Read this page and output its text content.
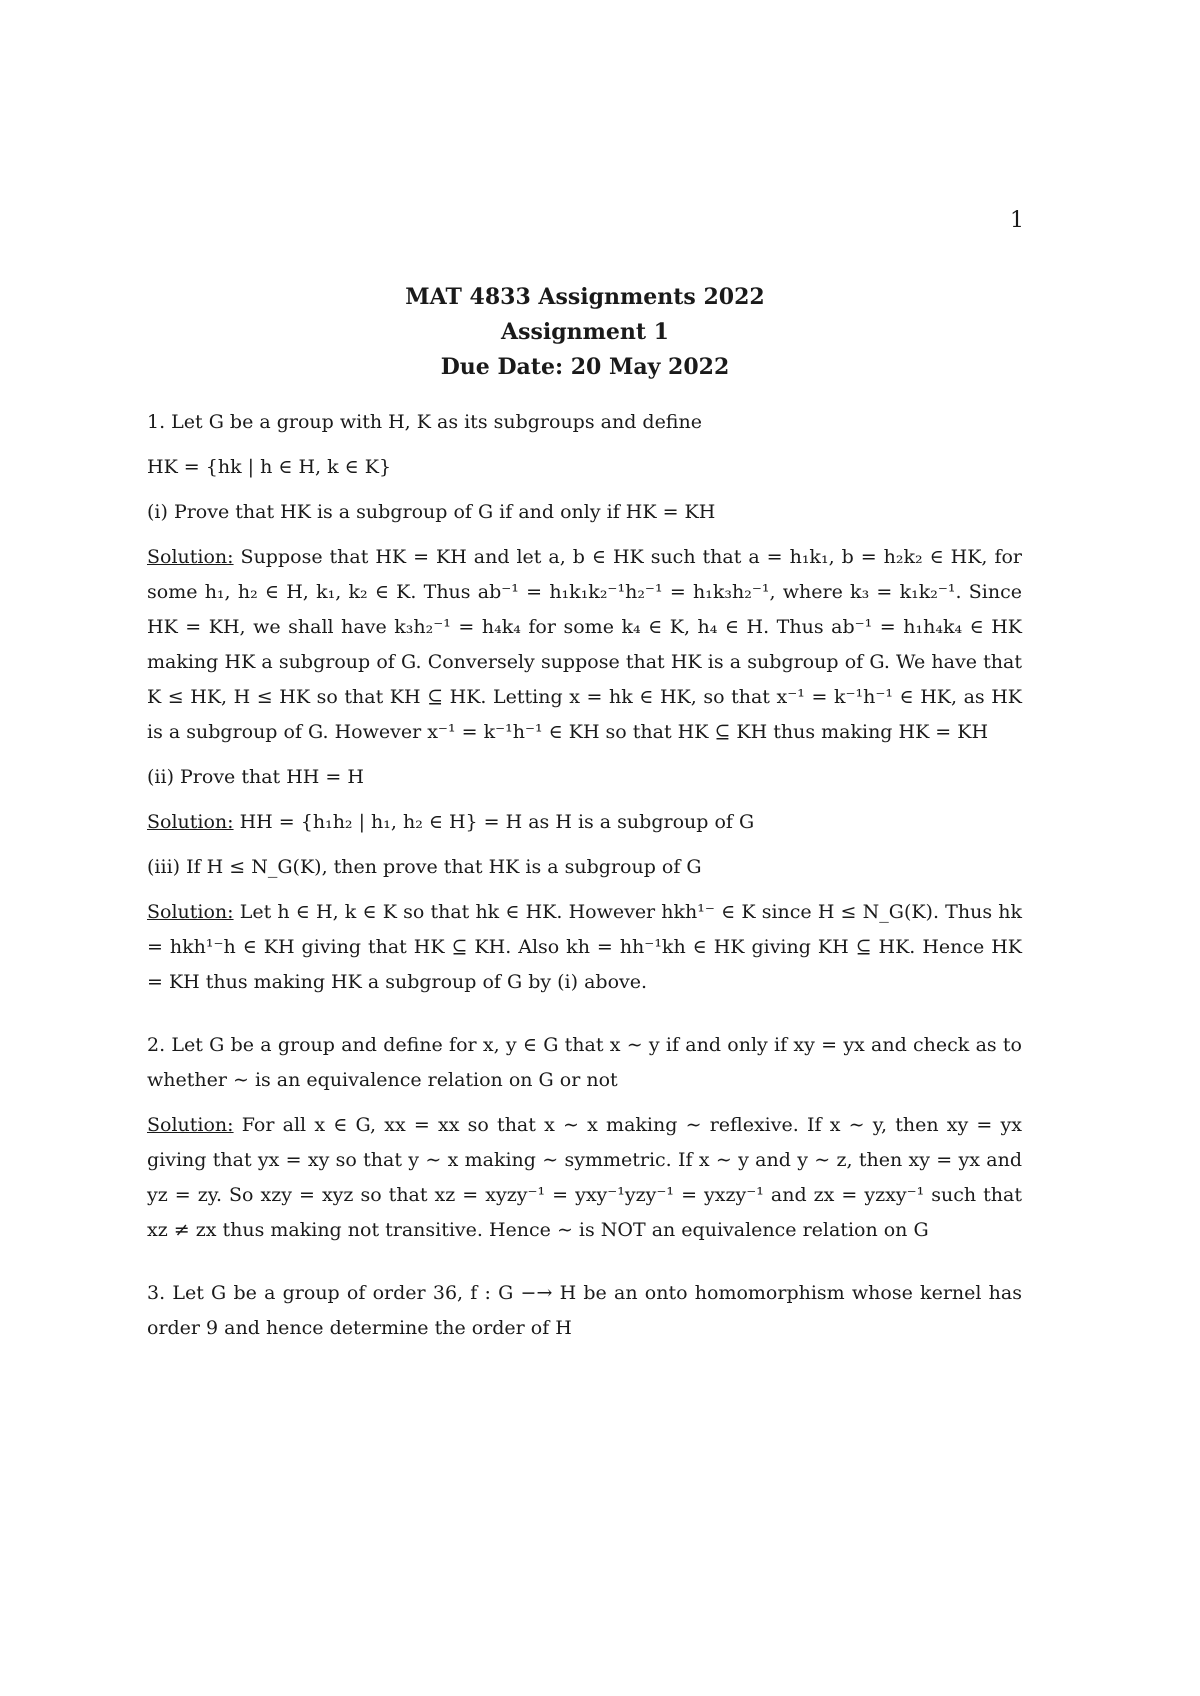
1
MAT 4833 Assignments 2022
Assignment 1
Due Date: 20 May 2022

1. Let G be a group with H, K as its subgroups and define

HK = {hk | h ∈ H, k ∈ K}

(i) Prove that HK is a subgroup of G if and only if HK = KH

Solution: Suppose that HK = KH and let a, b ∈ HK such that a = h₁k₁, b = h₂k₂ ∈ HK, for some h₁, h₂ ∈ H, k₁, k₂ ∈ K. Thus ab⁻¹ = h₁k₁k₂⁻¹h₂⁻¹ = h₁k₃h₂⁻¹, where k₃ = k₁k₂⁻¹. Since HK = KH, we shall have k₃h₂⁻¹ = h₄k₄ for some k₄ ∈ K, h₄ ∈ H. Thus ab⁻¹ = h₁h₄k₄ ∈ HK making HK a subgroup of G. Conversely suppose that HK is a subgroup of G. We have that K ≤ HK, H ≤ HK so that KH ⊆ HK. Letting x = hk ∈ HK, so that x⁻¹ = k⁻¹h⁻¹ ∈ HK, as HK is a subgroup of G. However x⁻¹ = k⁻¹h⁻¹ ∈ KH so that HK ⊆ KH thus making HK = KH

(ii) Prove that HH = H

Solution: HH = {h₁h₂ | h₁, h₂ ∈ H} = H as H is a subgroup of G

(iii) If H ≤ N_G(K), then prove that HK is a subgroup of G

Solution: Let h ∈ H, k ∈ K so that hk ∈ HK. However hkh¹⁻ ∈ K since H ≤ N_G(K). Thus hk = hkh¹⁻h ∈ KH giving that HK ⊆ KH. Also kh = hh⁻¹kh ∈ HK giving KH ⊆ HK. Hence HK = KH thus making HK a subgroup of G by (i) above.

2. Let G be a group and define for x, y ∈ G that x ∼ y if and only if xy = yx and check as to whether ∼ is an equivalence relation on G or not

Solution: For all x ∈ G, xx = xx so that x ∼ x making ∼ reflexive. If x ∼ y, then xy = yx giving that yx = xy so that y ∼ x making ∼ symmetric. If x ∼ y and y ∼ z, then xy = yx and yz = zy. So xzy = xyz so that xz = xyzy⁻¹ = yxy⁻¹yzy⁻¹ = yxzy⁻¹ and zx = yzxy⁻¹ such that xz ≠ zx thus making not transitive. Hence ∼ is NOT an equivalence relation on G

3. Let G be a group of order 36, f : G −→ H be an onto homomorphism whose kernel has order 9 and hence determine the order of H
